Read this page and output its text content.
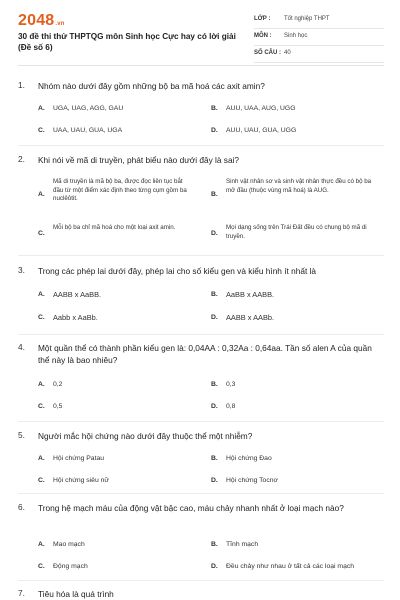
2048.vn
30 đề thi thử THPTQG môn Sinh học Cực hay có lời giải (Đề số 6)
LỚP : Tốt nghiệp THPT
MÔN : Sinh học
SỐ CÂU : 40
1. Nhóm nào dưới đây gồm những bộ ba mã hoá các axit amin?
A. UGA, UAG, AGG, GAU	B. AUU, UAA, AUG, UGG
C. UAA, UAU, GUA, UGA	D. AUU, UAU, GUA, UGG
2. Khi nói về mã di truyền, phát biểu nào dưới đây là sai?
A.
Mã di truyền là mã bộ ba, được đọc liên tục bắt đầu từ một điểm xác định theo từng cụm gồm ba nuclêôtit.
B.
Sinh vật nhân sơ và sinh vật nhân thực đều có bộ ba mở đầu (thuộc vùng mã hoá) là AUG.
C.
Mỗi bộ ba chỉ mã hoá cho một loại axit amin.
D.
Mọi dạng sống trên Trái Đất đều có chung bộ mã di truyền.
3. Trong các phép lai dưới đây, phép lai cho số kiểu gen và kiểu hình ít nhất là
A. AABB x AaBB.	B. AaBB x AABB.
C. Aabb x AaBb.	D. AABB x AABb.
4. Một quần thể có thành phần kiểu gen là: 0,04AA : 0,32Aa : 0,64aa. Tần số alen A của quần thể này là bao nhiêu?
A. 0,2	B. 0,3
C. 0,5	D. 0,8
5. Người mắc hội chứng nào dưới đây thuộc thể một nhiễm?
A. Hội chứng Patau	B. Hội chứng Đao
C. Hội chứng siêu nữ	D. Hội chứng Tocnơ
6. Trong hệ mạch máu của động vật bậc cao, máu chảy nhanh nhất ở loại mạch nào?
A. Mao mạch	B. Tĩnh mạch
C. Động mạch	D. Đều chảy như nhau ở tất cả các loại mạch
7. Tiêu hóa là quá trình
